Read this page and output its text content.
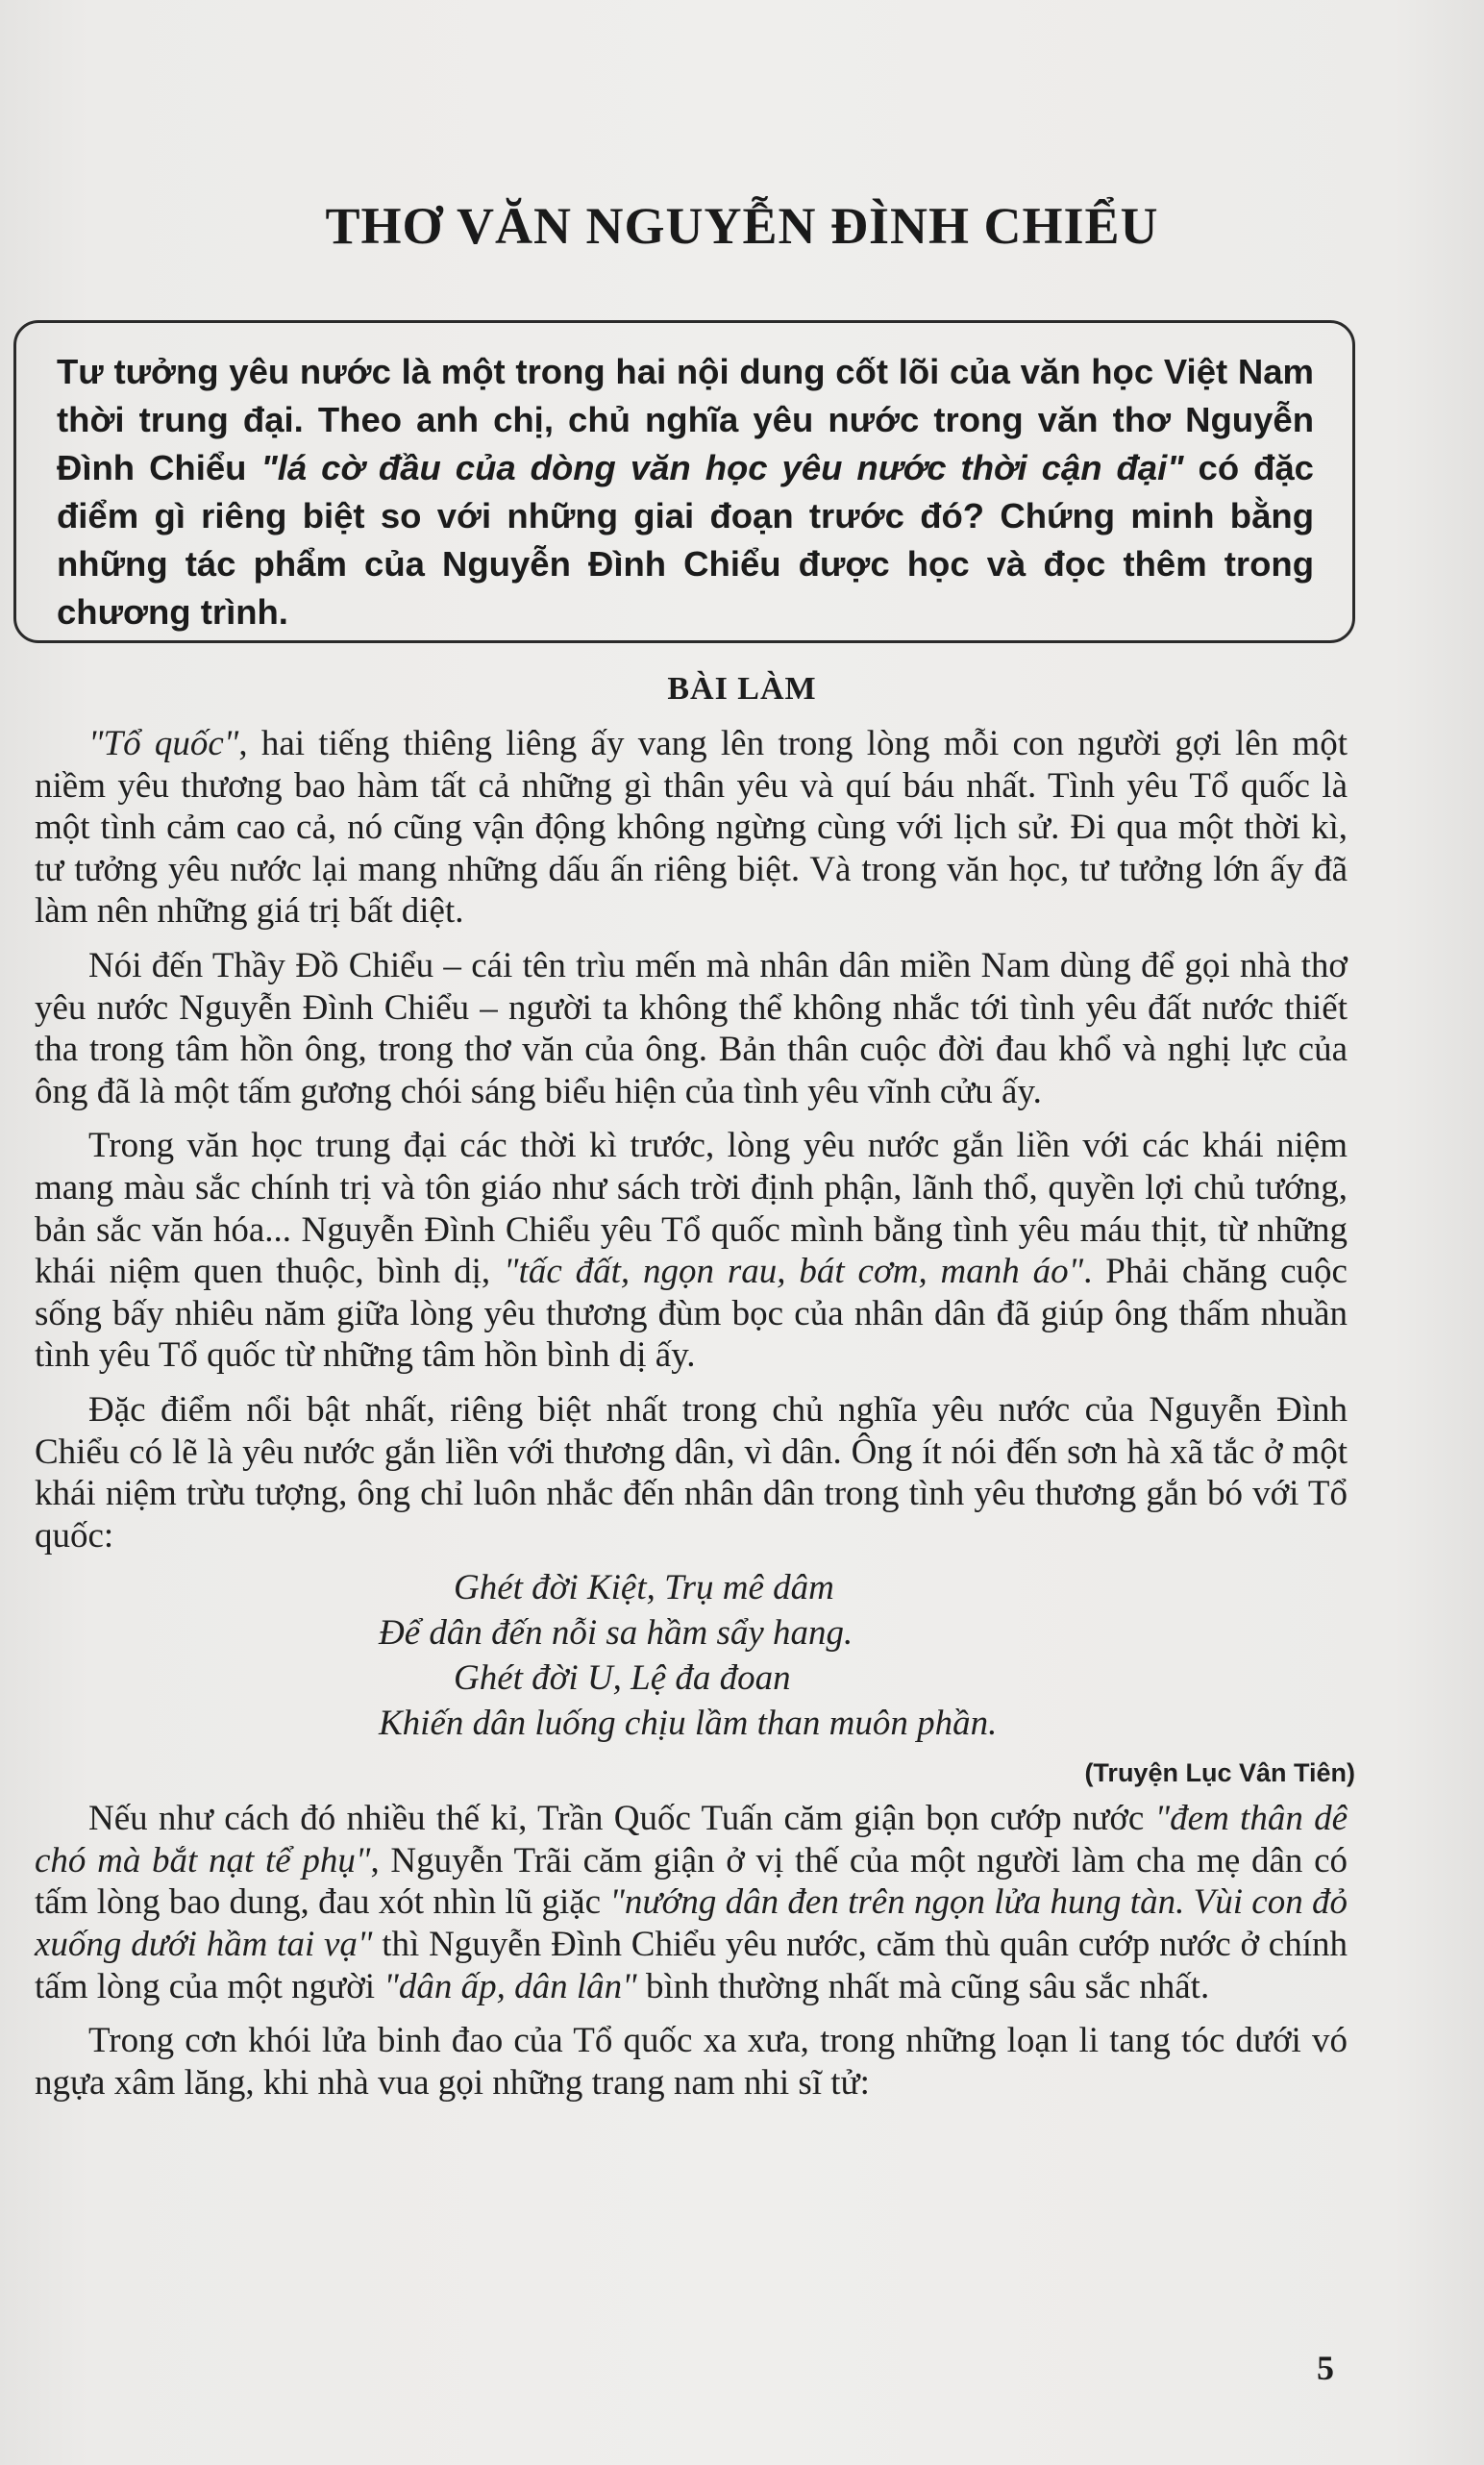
THƠ VĂN NGUYỄN ĐÌNH CHIỂU
Tư tưởng yêu nước là một trong hai nội dung cốt lõi của văn học Việt Nam thời trung đại. Theo anh chị, chủ nghĩa yêu nước trong văn thơ Nguyễn Đình Chiểu "lá cờ đầu của dòng văn học yêu nước thời cận đại" có đặc điểm gì riêng biệt so với những giai đoạn trước đó? Chứng minh bằng những tác phẩm của Nguyễn Đình Chiểu được học và đọc thêm trong chương trình.
BÀI LÀM

"Tổ quốc", hai tiếng thiêng liêng ấy vang lên trong lòng mỗi con người gợi lên một niềm yêu thương bao hàm tất cả những gì thân yêu và quí báu nhất. Tình yêu Tổ quốc là một tình cảm cao cả, nó cũng vận động không ngừng cùng với lịch sử. Đi qua một thời kì, tư tưởng yêu nước lại mang những dấu ấn riêng biệt. Và trong văn học, tư tưởng lớn ấy đã làm nên những giá trị bất diệt.

Nói đến Thầy Đồ Chiểu – cái tên trìu mến mà nhân dân miền Nam dùng để gọi nhà thơ yêu nước Nguyễn Đình Chiểu – người ta không thể không nhắc tới tình yêu đất nước thiết tha trong tâm hồn ông, trong thơ văn của ông. Bản thân cuộc đời đau khổ và nghị lực của ông đã là một tấm gương chói sáng biểu hiện của tình yêu vĩnh cửu ấy.

Trong văn học trung đại các thời kì trước, lòng yêu nước gắn liền với các khái niệm mang màu sắc chính trị và tôn giáo như sách trời định phận, lãnh thổ, quyền lợi chủ tướng, bản sắc văn hóa... Nguyễn Đình Chiểu yêu Tổ quốc mình bằng tình yêu máu thịt, từ những khái niệm quen thuộc, bình dị, "tấc đất, ngọn rau, bát cơm, manh áo". Phải chăng cuộc sống bấy nhiêu năm giữa lòng yêu thương đùm bọc của nhân dân đã giúp ông thấm nhuần tình yêu Tổ quốc từ những tâm hồn bình dị ấy.

Đặc điểm nổi bật nhất, riêng biệt nhất trong chủ nghĩa yêu nước của Nguyễn Đình Chiểu có lẽ là yêu nước gắn liền với thương dân, vì dân. Ông ít nói đến sơn hà xã tắc ở một khái niệm trừu tượng, ông chỉ luôn nhắc đến nhân dân trong tình yêu thương gắn bó với Tổ quốc:

Ghét đời Kiệt, Trụ mê dâm
Để dân đến nỗi sa hầm sẩy hang.
Ghét đời U, Lệ đa đoan
Khiến dân luống chịu lầm than muôn phần.
(Truyện Lục Vân Tiên)

Nếu như cách đó nhiều thế kỉ, Trần Quốc Tuấn căm giận bọn cướp nước "đem thân dê chó mà bắt nạt tể phụ", Nguyễn Trãi căm giận ở vị thế của một người làm cha mẹ dân có tấm lòng bao dung, đau xót nhìn lũ giặc "nướng dân đen trên ngọn lửa hung tàn. Vùi con đỏ xuống dưới hầm tai vạ" thì Nguyễn Đình Chiểu yêu nước, căm thù quân cướp nước ở chính tấm lòng của một người "dân ấp, dân lân" bình thường nhất mà cũng sâu sắc nhất.

Trong cơn khói lửa binh đao của Tổ quốc xa xưa, trong những loạn li tang tóc dưới vó ngựa xâm lăng, khi nhà vua gọi những trang nam nhi sĩ tử:

5
